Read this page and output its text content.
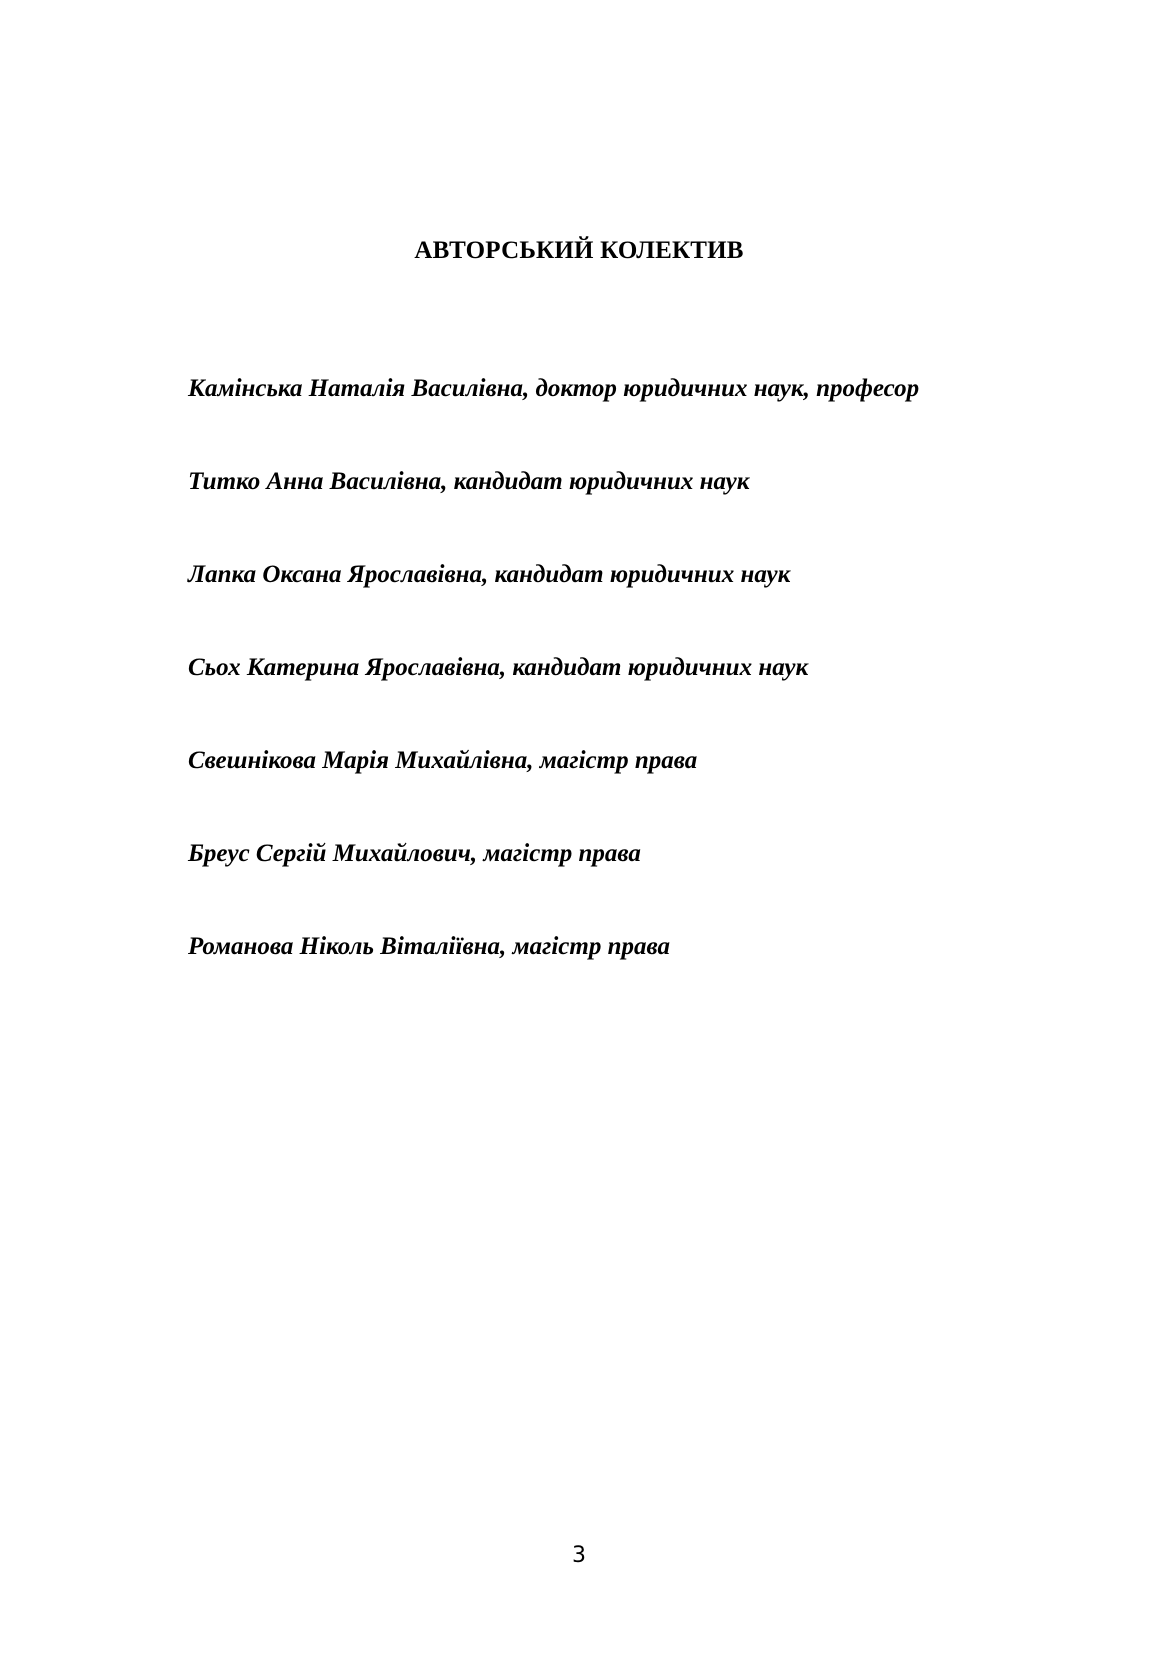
АВТОРСЬКИЙ КОЛЕКТИВ
Камінська Наталія Василівна, доктор юридичних наук, професор
Титко Анна Василівна, кандидат юридичних наук
Лапка Оксана Ярославівна, кандидат юридичних наук
Сьох Катерина Ярославівна, кандидат юридичних наук
Свешнікова Марія Михайлівна, магістр права
Бреус Сергій Михайлович, магістр права
Романова Ніколь Віталіївна, магістр права
3
